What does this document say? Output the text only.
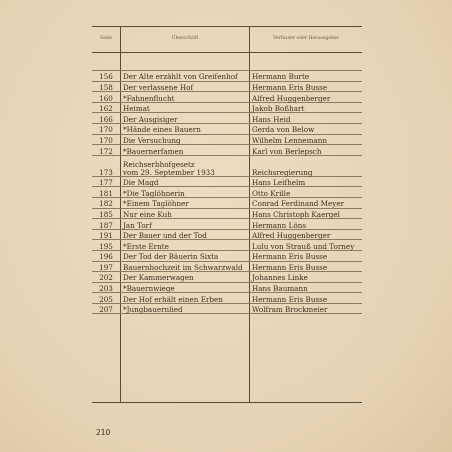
Seite	Überschrift	Verfasser oder Herausgeber

156	Der Alte erzählt von Greifenhof	Hermann Burte
158	Der verlassene Hof	Hermann Eris Busse
160	*Fahnenflucht	Alfred Huggenberger
162	Heimat	Jakob Boßhart
166	Der Ausgisiger	Hans Heid
170	*Hände eines Bauern	Gerda von Below
170	Die Versuchung	Wilhelm Lennemann
172	*Bauernerfamen	Karl von Berlepsch
173	Reichserbhofgesetz
vom 29. September 1933	Reichsregierung
177	Die Magd	Hans Leifhelm
181	*Die Taglöhnerin	Otto Krille
182	*Einem Taglöhner	Conrad Ferdinand Meyer
185	Nur eine Kuh	Hans Christoph Kaergel
187	Jan Torf	Hermann Löns
191	Der Bauer und der Tod	Alfred Huggenberger
195	*Erste Ernte	Lulu von Strauß und Torney
196	Der Tod der Bäuerin Sixta	Hermann Eris Busse
197	Bauernhochzeit im Schwarzwald	Hermann Eris Busse
202	Der Kammerwagen	Johannes Linke
203	*Bauernwiege	Hans Baumann
205	Der Hof erhält einen Erben	Hermann Eris Busse
207	*Jungbauernlied	Wolfram Brockmeier

210
